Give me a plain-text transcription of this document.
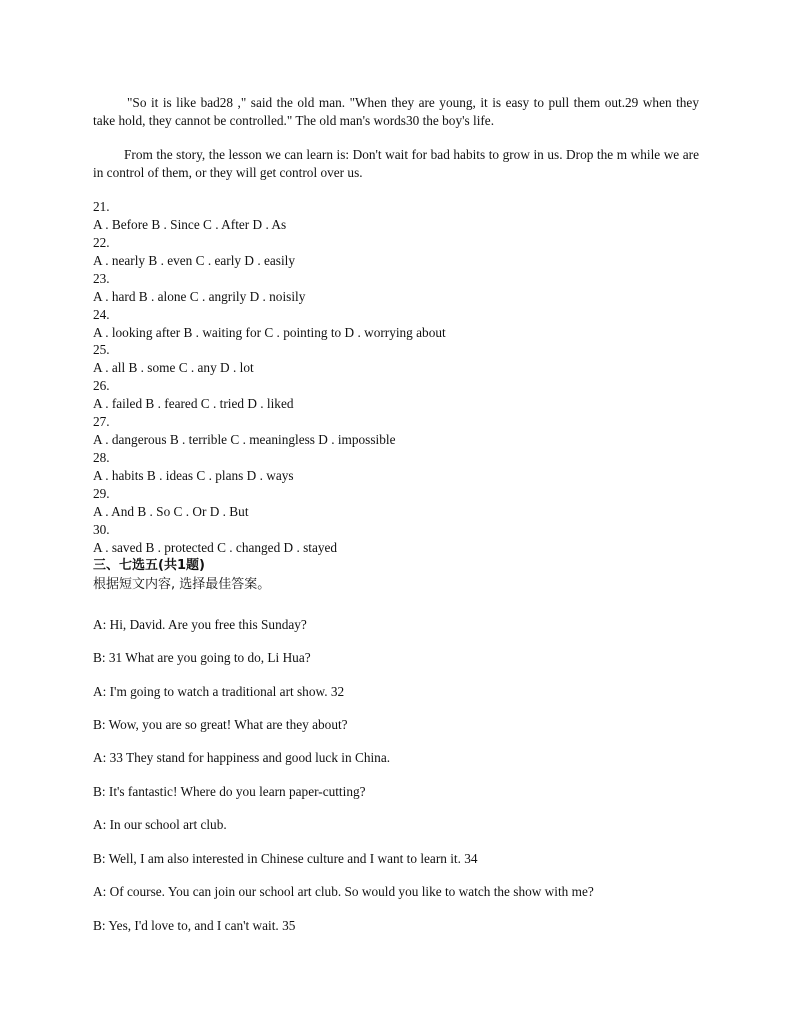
"So it is like bad28 ," said the old man. "When they are young, it is easy to pull them out.29 when they take hold, they cannot be controlled." The old man's words30 the boy's life.
From the story, the lesson we can learn is: Don't wait for bad habits to grow in us. Drop the m while we are in control of them, or they will get control over us.
21.
A . Before B . Since C . After D . As
22.
A . nearly B . even C . early D . easily
23.
A . hard B . alone C . angrily D . noisily
24.
A . looking after B . waiting for C . pointing to D . worrying about
25.
A . all B . some C . any D . lot
26.
A . failed B . feared C . tried D . liked
27.
A . dangerous B . terrible C . meaningless D . impossible
28.
A . habits B . ideas C . plans D . ways
29.
A . And B . So C . Or D . But
30.
A . saved B . protected C . changed D . stayed
三、七选五(共1题)
根据短文内容, 选择最佳答案。
A: Hi, David. Are you free this Sunday?
B: 31 What are you going to do, Li Hua?
A: I'm going to watch a traditional art show. 32
B: Wow, you are so great! What are they about?
A: 33 They stand for happiness and good luck in China.
B: It's fantastic! Where do you learn paper-cutting?
A: In our school art club.
B: Well, I am also interested in Chinese culture and I want to learn it. 34
A: Of course. You can join our school art club. So would you like to watch the show with me?
B: Yes, I'd love to, and I can't wait. 35
